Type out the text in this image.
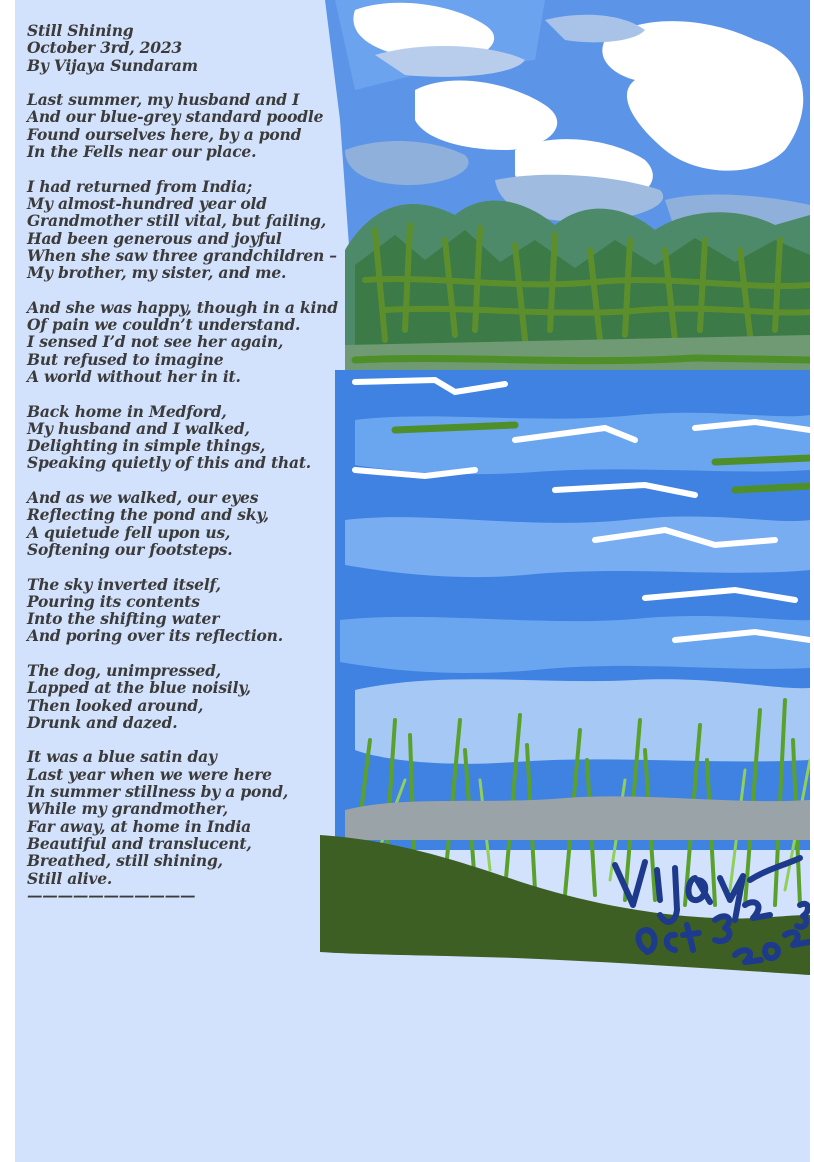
Still Shining
October 3rd, 2023
By Vijaya Sundaram
Last summer, my husband and I
And our blue-grey standard poodle
Found ourselves here, by a pond
In the Fells near our place.
I had returned from India;
My almost-hundred year old
Grandmother still vital, but failing,
Had been generous and joyful
When she saw three grandchildren –
My brother, my sister, and me.
And she was happy, though in a kind
Of pain we couldn’t understand.
I sensed I’d not see her again,
But refused to imagine
A world without her in it.
Back home in Medford,
My husband and I walked,
Delighting in simple things,
Speaking quietly of this and that.
And as we walked, our eyes
Reflecting the pond and sky,
A quietude fell upon us,
Softening our footsteps.
The sky inverted itself,
Pouring its contents
Into the shifting water
And poring over its reflection.
The dog, unimpressed,
Lapped at the blue noisily,
Then looked around,
Drunk and dazed.
It was a blue satin day
Last year when we were here
In summer stillness by a pond,
While my grandmother,
Far away, at home in India
Beautiful and translucent,
Breathed, still shining,
Still alive.
———————————
